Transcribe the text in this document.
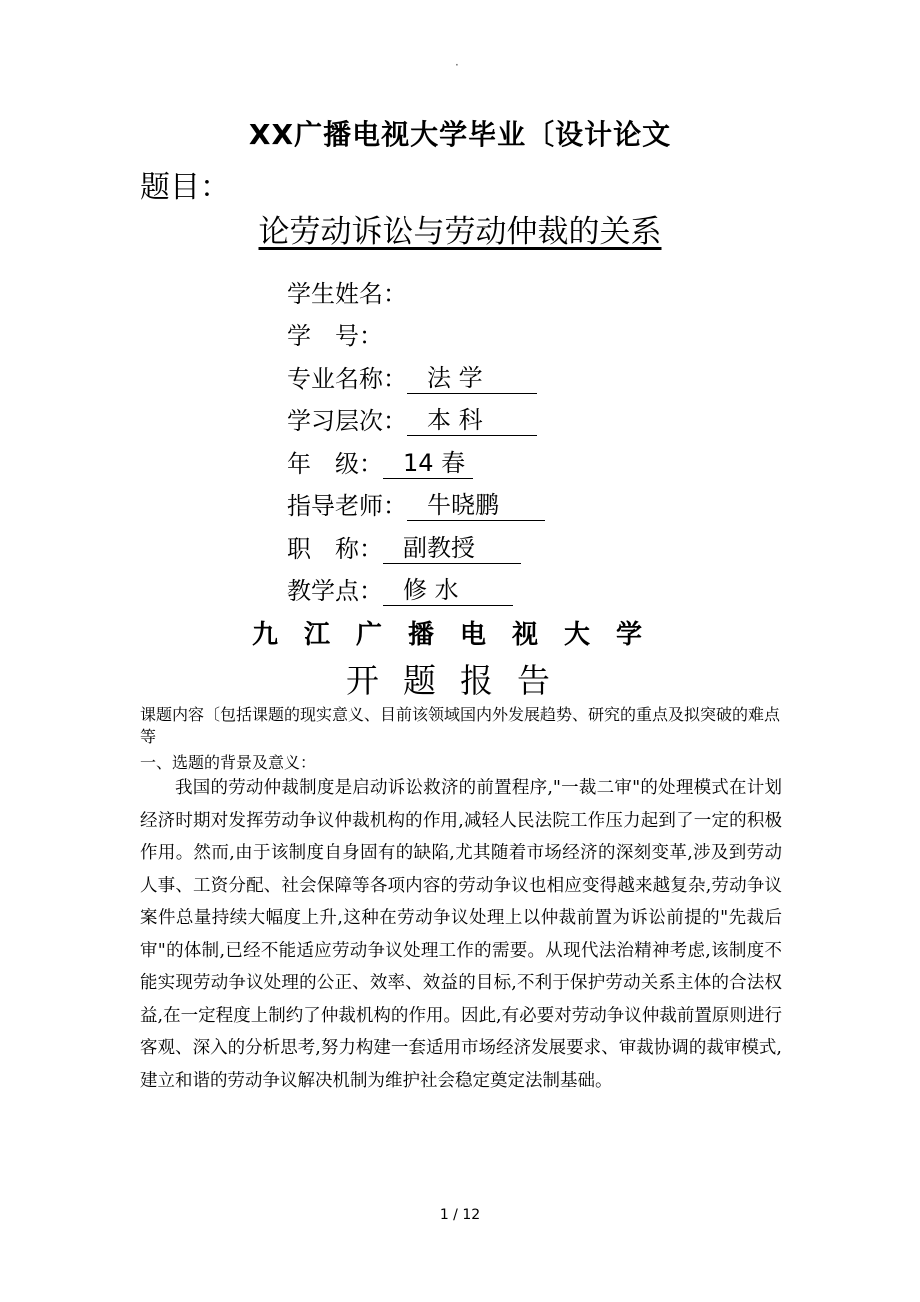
·
XX广播电视大学毕业〔设计论文
题目：
论劳动诉讼与劳动仲裁的关系
学生姓名：
学　号：
专业名称： 法 学
学习层次： 本 科
年　级： 14 春
指导老师： 牛晓鹏
职　称： 副教授
教学点： 修 水
九江广播电视大学
开题报告
课题内容〔包括课题的现实意义、目前该领域国内外发展趋势、研究的重点及拟突破的难点等
一、选题的背景及意义：
我国的劳动仲裁制度是启动诉讼救济的前置程序,"一裁二审"的处理模式在计划经济时期对发挥劳动争议仲裁机构的作用,减轻人民法院工作压力起到了一定的积极作用。然而,由于该制度自身固有的缺陷,尤其随着市场经济的深刻变革,涉及到劳动人事、工资分配、社会保障等各项内容的劳动争议也相应变得越来越复杂,劳动争议案件总量持续大幅度上升,这种在劳动争议处理上以仲裁前置为诉讼前提的"先裁后审"的体制,已经不能适应劳动争议处理工作的需要。从现代法治精神考虑,该制度不能实现劳动争议处理的公正、效率、效益的目标,不利于保护劳动关系主体的合法权益,在一定程度上制约了仲裁机构的作用。因此,有必要对劳动争议仲裁前置原则进行客观、深入的分析思考,努力构建一套适用市场经济发展要求、审裁协调的裁审模式,建立和谐的劳动争议解决机制为维护社会稳定奠定法制基础。
1 / 12
